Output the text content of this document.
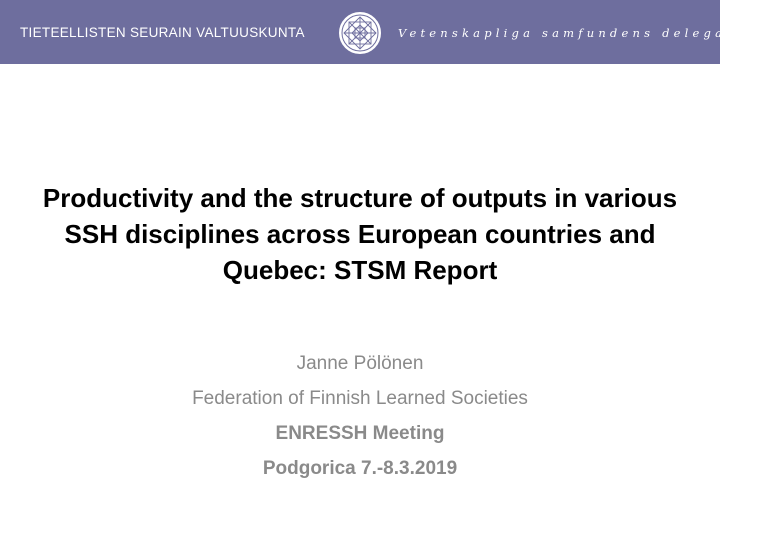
TIETEELLISTEN SEURAIN VALTUUSKUNTA	Vetenskapliga samfundens delegation
Productivity and the structure of outputs in various SSH disciplines across European countries and Quebec: STSM Report
Janne Pölönen
Federation of Finnish Learned Societies
ENRESSH Meeting
Podgorica 7.-8.3.2019
